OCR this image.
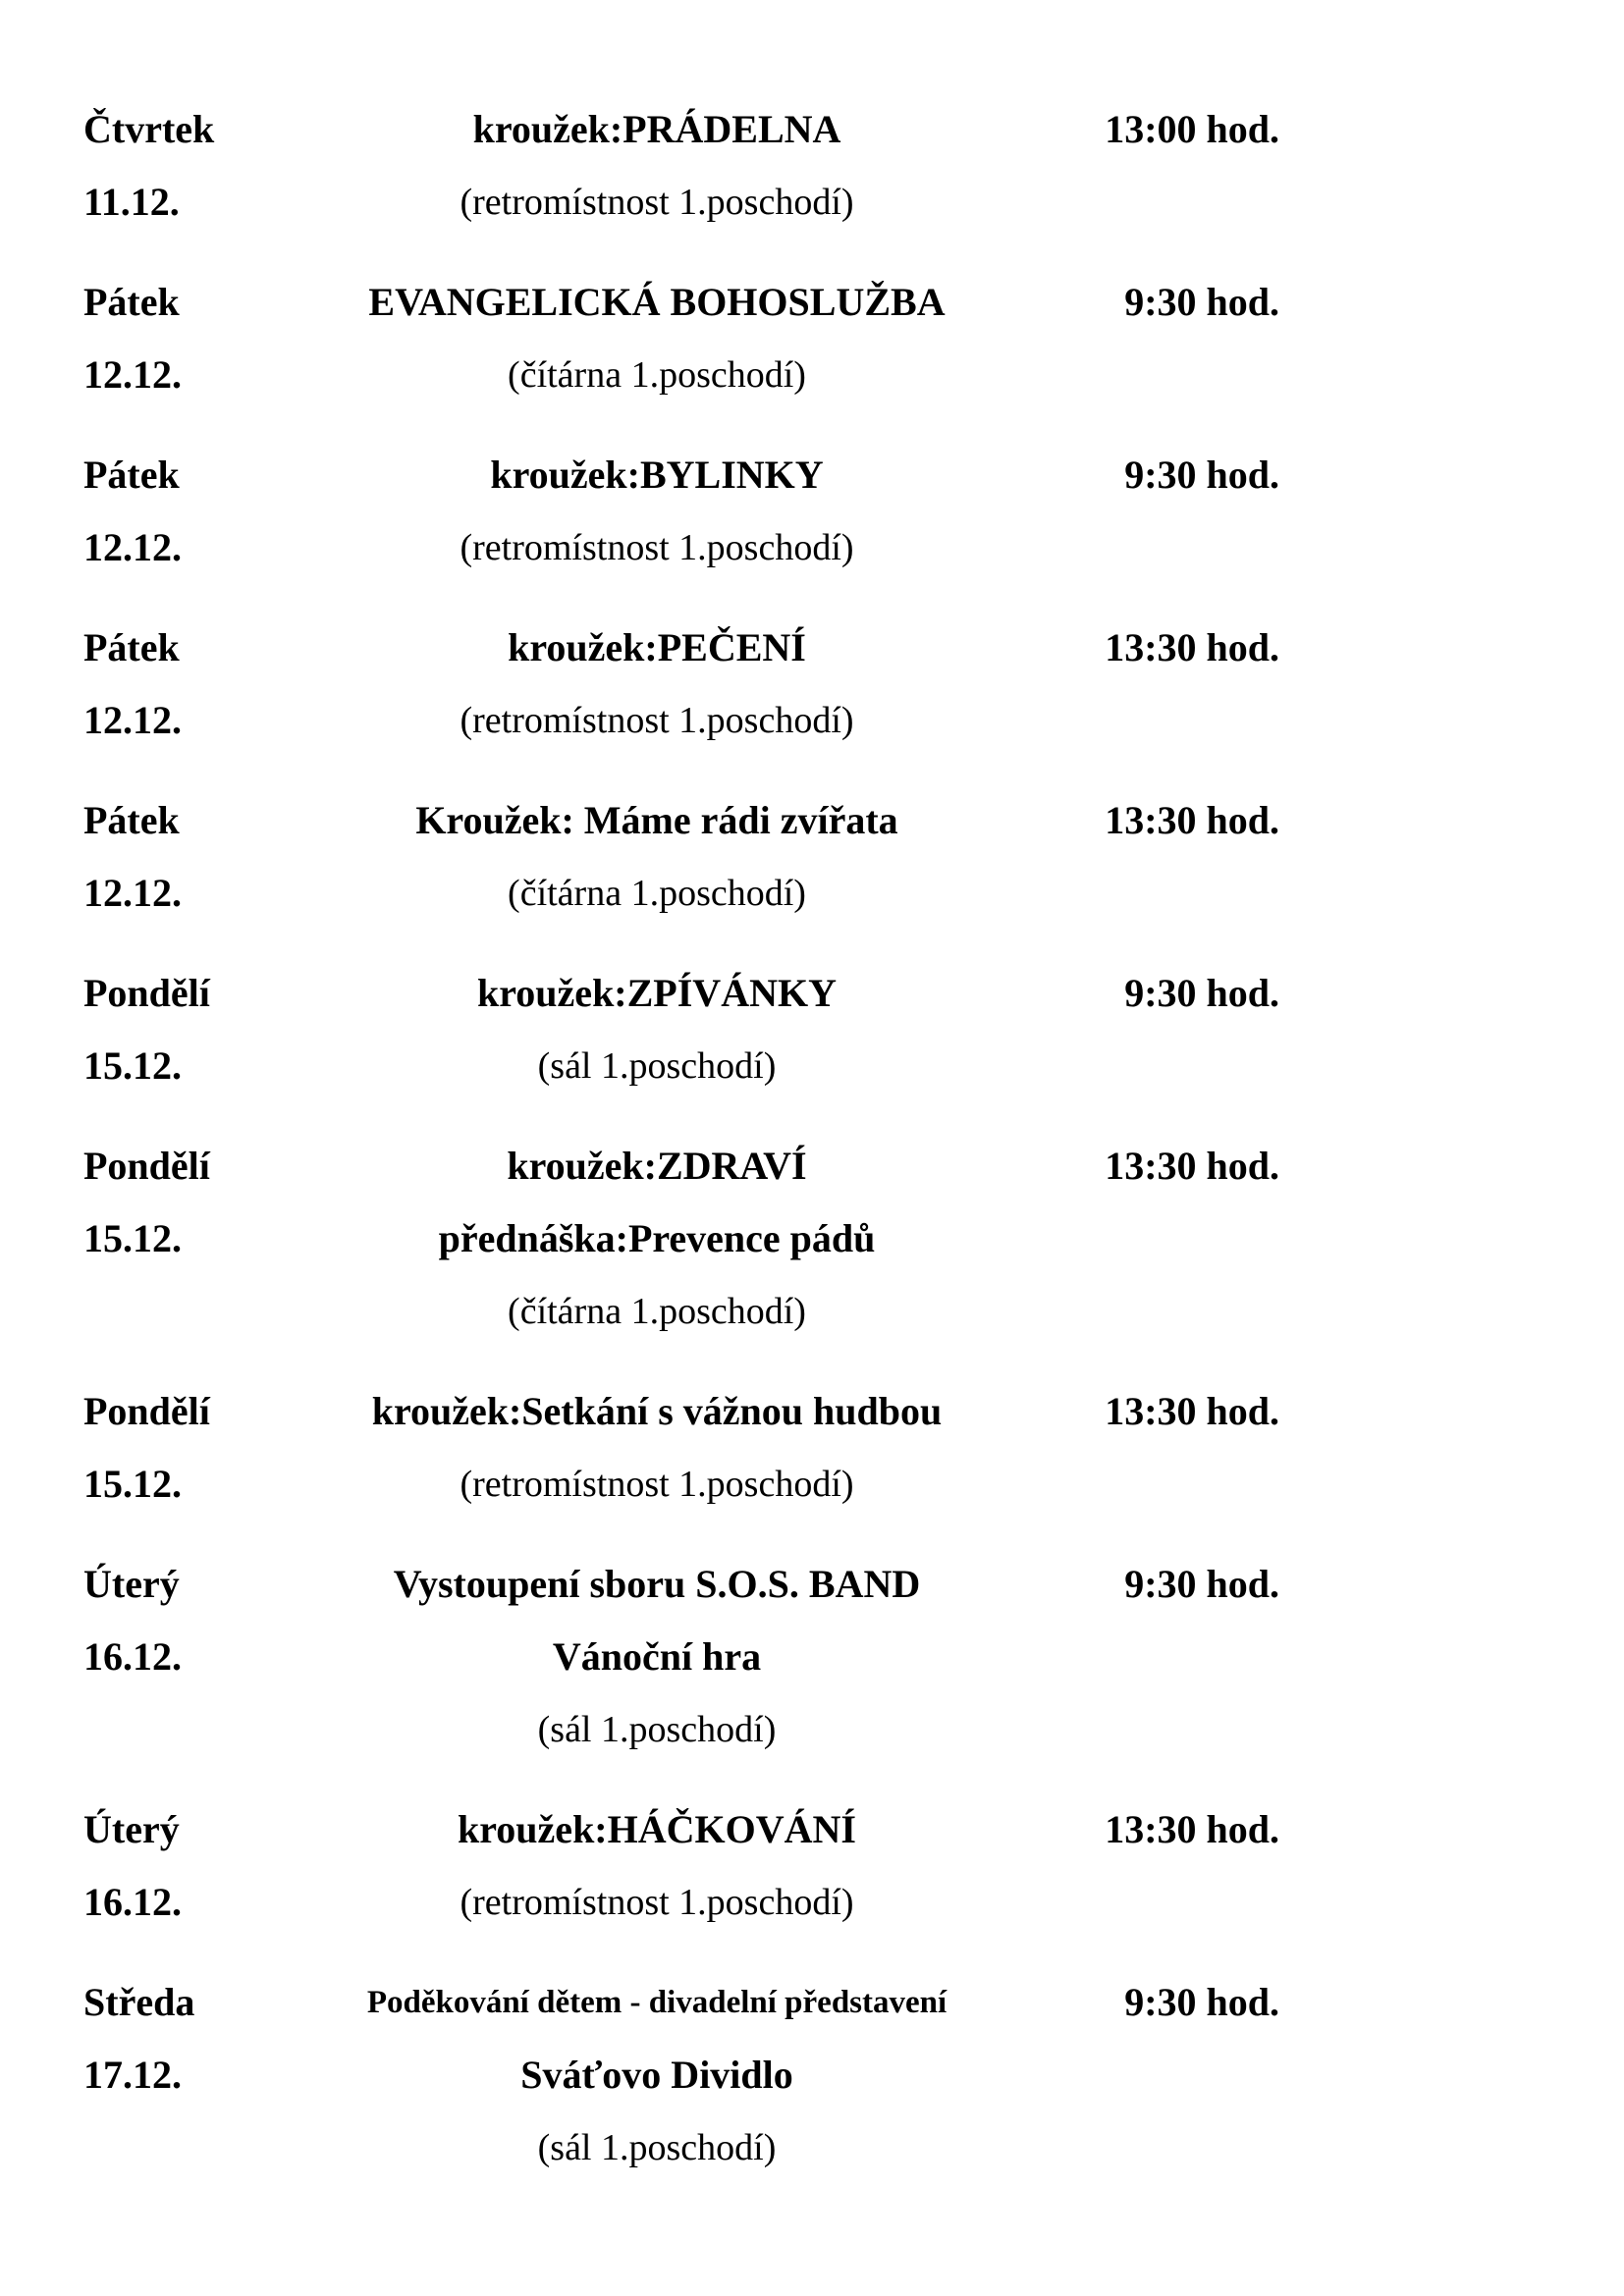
Čtvrtek
11.12.
kroužek:PRÁDELNA
(retromístnost 1.poschodí)
13:00 hod.
Pátek
12.12.
EVANGELICKÁ BOHOSLUŽBA
(čítárna 1.poschodí)
9:30 hod.
Pátek
12.12.
kroužek:BYLINKY
(retromístnost 1.poschodí)
9:30 hod.
Pátek
12.12.
kroužek:PEČENÍ
(retromístnost 1.poschodí)
13:30 hod.
Pátek
12.12.
Kroužek: Máme rádi zvířata
(čítárna 1.poschodí)
13:30 hod.
Pondělí
15.12.
kroužek:ZPÍVÁNKY
(sál 1.poschodí)
9:30 hod.
Pondělí
15.12.
kroužek:ZDRAVÍ
přednáška:Prevence pádů
(čítárna 1.poschodí)
13:30 hod.
Pondělí
15.12.
kroužek:Setkání s vážnou hudbou
(retromístnost 1.poschodí)
13:30 hod.
Úterý
16.12.
Vystoupení sboru S.O.S. BAND
Vánoční hra
(sál 1.poschodí)
9:30 hod.
Úterý
16.12.
kroužek:HÁČKOVÁNÍ
(retromístnost 1.poschodí)
13:30 hod.
Středa
17.12.
Poděkování dětem - divadelní představení
Sváťovo Dividlo
(sál 1.poschodí)
9:30 hod.
